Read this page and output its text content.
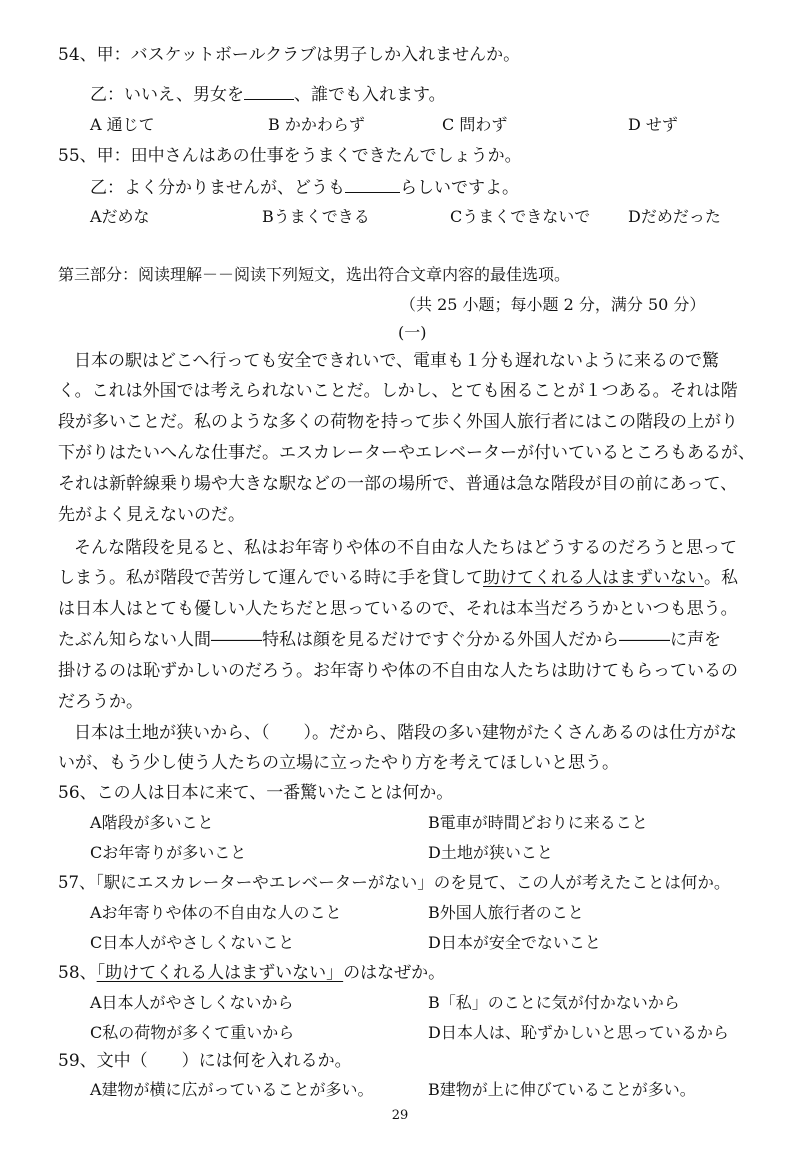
54、甲：バスケットボールクラブは男子しか入れませんか。
乙：いいえ、男女を	、誰でも入れます。
A 通じて	B かかわらず	C 問わず	D せず
55、甲：田中さんはあの仕事をうまくできたんでしょうか。
乙：よく分かりませんが、どうも	らしいですよ。
Aだめな	Bうまくできる	Cうまくできないで Dだめだった
第三部分：阅读理解－－阅读下列短文，选出符合文章内容的最佳选项。
（共 25 小题；每小题 2 分，满分 50 分）
(一)
日本の駅はどこへ行っても安全できれいで、電車も１分も遅れないように来るので驚
く。これは外国では考えられないことだ。しかし、とても困ることが１つある。それは階
段が多いことだ。私のような多くの荷物を持って歩く外国人旅行者にはこの階段の上がり
下がりはたいへんな仕事だ。エスカレーターやエレベーターが付いているところもあるが、
それは新幹線乗り場や大きな駅などの一部の場所で、普通は急な階段が目の前にあって、
先がよく見えないのだ。
そんな階段を見ると、私はお年寄りや体の不自由な人たちはどうするのだろうと思って
しまう。私が階段で苦労して運んでいる時に手を貸して助けてくれる人はまずいない。私
は日本人はとても優しい人たちだと思っているので、それは本当だろうかといつも思う。
たぶん知らない人間―――特私は顔を見るだけですぐ分かる外国人だから―――に声を
掛けるのは恥ずかしいのだろう。お年寄りや体の不自由な人たちは助けてもらっているの
だろうか。
日本は土地が狭いから、（ ）。だから、階段の多い建物がたくさんあるのは仕方がな
いが、もう少し使う人たちの立場に立ったやり方を考えてほしいと思う。
56、この人は日本に来て、一番驚いたことは何か。
A階段が多いこと	B電車が時間どおりに来ること
Cお年寄りが多いこと	D土地が狭いこと
57、「駅にエスカレーターやエレベーターがない」のを見て、この人が考えたことは何か。
Aお年寄りや体の不自由な人のこと	B外国人旅行者のこと
C日本人がやさしくないこと	D日本が安全でないこと
58、「助けてくれる人はまずいない」のはなぜか。
A日本人がやさしくないから	B「私」のことに気が付かないから
C私の荷物が多くて重いから	D日本人は、恥ずかしいと思っているから
59、文中（ ）には何を入れるか。
A建物が横に広がっていることが多い。	B建物が上に伸びていることが多い。
29
